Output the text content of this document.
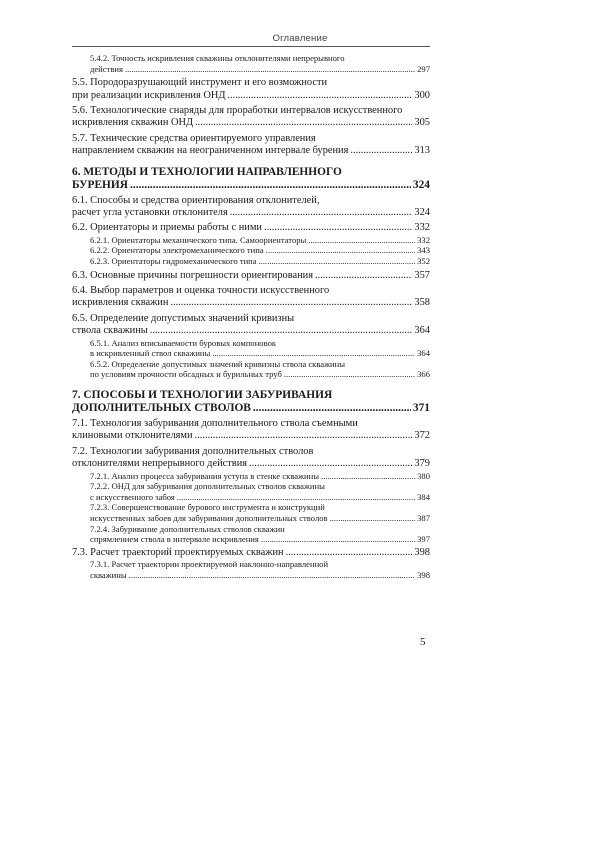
Оглавление
5.4.2. Точность искривления скважины отклонителями непрерывного
действия .....	297
5.5. Породоразрушающий инструмент и его возможности
при реализации искривления ОНД .....	300
5.6. Технологические снаряды для проработки интервалов искусственного
искривления скважин ОНД .....	305
5.7. Технические средства ориентируемого управления
направлением скважин на неограниченном интервале бурения .....	313
6. МЕТОДЫ И ТЕХНОЛОГИИ НАПРАВЛЕННОГО
БУРЕНИЯ .....	324
6.1. Способы и средства ориентирования отклонителей,
расчет угла установки отклонителя .....	324
6.2. Ориентаторы и приемы работы с ними .....	332
6.2.1. Ориентаторы механического типа. Самоориентаторы .....	332
6.2.2. Ориентаторы электромеханического типа .....	343
6.2.3. Ориентаторы гидромеханического типа .....	352
6.3. Основные причины погрешности ориентирования .....	357
6.4. Выбор параметров и оценка точности искусственного
искривления скважин .....	358
6.5. Определение допустимых значений кривизны
ствола скважины .....	364
6.5.1. Анализ вписываемости буровых компоновок
в искривленный ствол скважины .....	364
6.5.2. Определение допустимых значений кривизны ствола скважины
по условиям прочности обсадных и бурильных труб .....	366
7. СПОСОБЫ И ТЕХНОЛОГИИ ЗАБУРИВАНИЯ
ДОПОЛНИТЕЛЬНЫХ СТВОЛОВ .....	371
7.1. Технология забуривания дополнительного ствола съемными
клиновыми отклонителями .....	372
7.2. Технологии забуривания дополнительных стволов
отклонителями непрерывного действия .....	379
7.2.1. Анализ процесса забуривания уступа в стенке скважины .....	380
7.2.2. ОНД для забуривания дополнительных стволов скважины
с искусственного забоя .....	384
7.2.3. Совершенствование бурового инструмента и конструкций
искусственных забоев для забуривания дополнительных стволов .....	387
7.2.4. Забуривание дополнительных стволов скважин
спрямлением ствола в интервале искривления .....	397
7.3. Расчет траекторий проектируемых скважин .....	398
7.3.1. Расчет траектории проектируемой наклонно-направленной
скважины .....	398
5
